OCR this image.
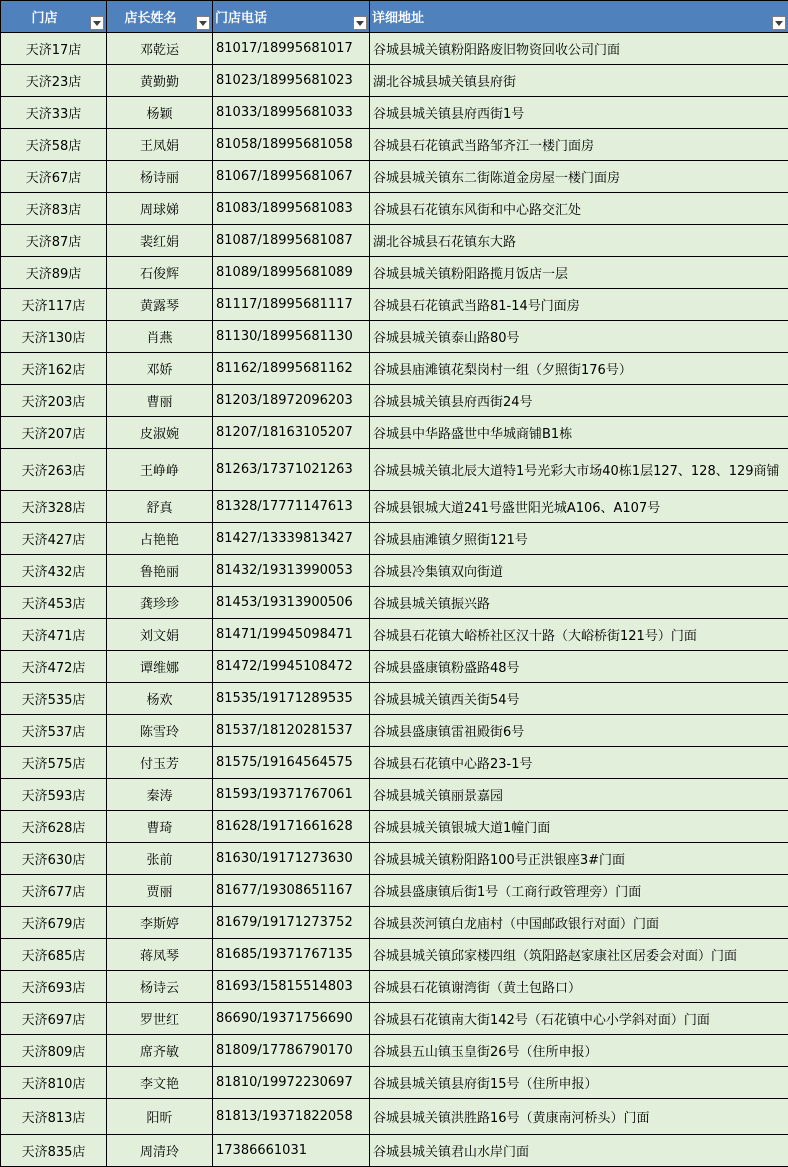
门店	店长姓名	门店电话	详细地址

天济17店	邓乾运	81017/18995681017	谷城县城关镇粉阳路废旧物资回收公司门面
天济23店	黄勤勤	81023/18995681023	湖北谷城县城关镇县府街
天济33店	杨颖	81033/18995681033	谷城县城关镇县府西街1号
天济58店	王凤娟	81058/18995681058	谷城县石花镇武当路邹齐江一楼门面房
天济67店	杨诗丽	81067/18995681067	谷城县城关镇东二街陈道金房屋一楼门面房
天济83店	周球娣	81083/18995681083	谷城县石花镇东风街和中心路交汇处
天济87店	裴红娟	81087/18995681087	湖北谷城县石花镇东大路
天济89店	石俊辉	81089/18995681089	谷城县城关镇粉阳路揽月饭店一层
天济117店	黄露琴	81117/18995681117	谷城县石花镇武当路81-14号门面房
天济130店	肖燕	81130/18995681130	谷城县城关镇泰山路80号
天济162店	邓娇	81162/18995681162	谷城县庙滩镇花梨岗村一组（夕照街176号）
天济203店	曹丽	81203/18972096203	谷城县城关镇县府西街24号
天济207店	皮淑婉	81207/18163105207	谷城县中华路盛世中华城商铺B1栋
天济263店	王峥峥	81263/17371021263	谷城县城关镇北辰大道特1号光彩大市场40栋1层127、128、129商铺
天济328店	舒真	81328/17771147613	谷城县银城大道241号盛世阳光城A106、A107号
天济427店	占艳艳	81427/13339813427	谷城县庙滩镇夕照街121号
天济432店	鲁艳丽	81432/19313990053	谷城县冷集镇双向街道
天济453店	龚珍珍	81453/19313900506	谷城县城关镇振兴路
天济471店	刘文娟	81471/19945098471	谷城县石花镇大峪桥社区汉十路（大峪桥街121号）门面
天济472店	谭维娜	81472/19945108472	谷城县盛康镇粉盛路48号
天济535店	杨欢	81535/19171289535	谷城县城关镇西关街54号
天济537店	陈雪玲	81537/18120281537	谷城县盛康镇雷祖殿街6号
天济575店	付玉芳	81575/19164564575	谷城县石花镇中心路23-1号
天济593店	秦涛	81593/19371767061	谷城县城关镇丽景嘉园
天济628店	曹琦	81628/19171661628	谷城县城关镇银城大道1幢门面
天济630店	张前	81630/19171273630	谷城县城关镇粉阳路100号正洪银座3#门面
天济677店	贾丽	81677/19308651167	谷城县盛康镇后街1号（工商行政管理旁）门面
天济679店	李斯婷	81679/19171273752	谷城县茨河镇白龙庙村（中国邮政银行对面）门面
天济685店	蒋凤琴	81685/19371767135	谷城县城关镇邱家楼四组（筑阳路赵家康社区居委会对面）门面
天济693店	杨诗云	81693/15815514803	谷城县石花镇谢湾街（黄土包路口）
天济697店	罗世红	86690/19371756690	谷城县石花镇南大街142号（石花镇中心小学斜对面）门面
天济809店	席齐敏	81809/17786790170	谷城县五山镇玉皇街26号（住所申报）
天济810店	李文艳	81810/19972230697	谷城县城关镇县府街15号（住所申报）
天济813店	阳昕	81813/19371822058	谷城县城关镇洪胜路16号（黄康南河桥头）门面
天济835店	周清玲	17386661031	谷城县城关镇君山水岸门面
